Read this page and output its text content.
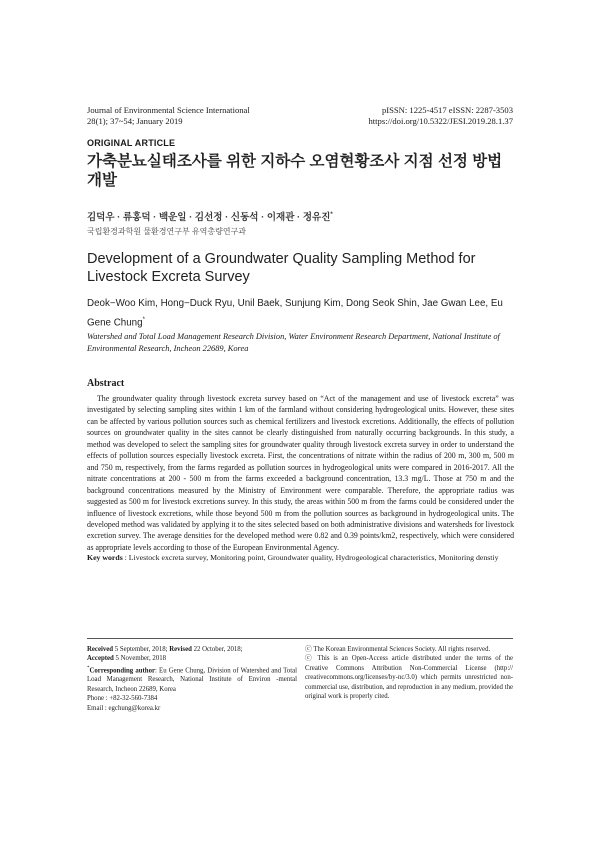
Journal of Environmental Science International
28(1); 37~54; January 2019
pISSN: 1225-4517 eISSN: 2287-3503
https://doi.org/10.5322/JESI.2019.28.1.37
ORIGINAL ARTICLE
가축분뇨실태조사를 위한 지하수 오염현황조사 지점 선정 방법 개발
김덕우 · 류홍덕 · 백운일 · 김선정 · 신동석 · 이재관 · 정유진*
국립환경과학원 물환경연구부 유역총량연구과
Development of a Groundwater Quality Sampling Method for Livestock Excreta Survey
Deok−Woo Kim, Hong−Duck Ryu, Unil Baek, Sunjung Kim, Dong Seok Shin, Jae Gwan Lee, Eu Gene Chung*
Watershed and Total Load Management Research Division, Water Environment Research Department, National Institute of Environmental Research, Incheon 22689, Korea
Abstract
The groundwater quality through livestock excreta survey based on “Act of the management and use of livestock excreta” was investigated by selecting sampling sites within 1 km of the farmland without considering hydrogeological units. However, these sites can be affected by various pollution sources such as chemical fertilizers and livestock excretions. Additionally, the effects of pollution sources on groundwater quality in the sites cannot be clearly distinguished from naturally occurring backgrounds. In this study, a method was developed to select the sampling sites for groundwater quality through livestock excreta survey in order to understand the effects of pollution sources especially livestock excreta. First, the concentrations of nitrate within the radius of 200 m, 300 m, 500 m and 750 m, respectively, from the farms regarded as pollution sources in hydrogeological units were compared in 2016-2017. All the nitrate concentrations at 200 - 500 m from the farms exceeded a background concentration, 13.3 mg/L. Those at 750 m and the background concentrations measured by the Ministry of Environment were comparable. Therefore, the appropriate radius was suggested as 500 m for livestock excretions survey. In this study, the areas within 500 m from the farms could be considered under the influence of livestock excretions, while those beyond 500 m from the pollution sources as background in hydrogeological units. The developed method was validated by applying it to the sites selected based on both administrative divisions and watersheds for livestock excretion survey. The average densities for the developed method were 0.82 and 0.39 points/km2, respectively, which were considered as appropriate levels according to those of the European Environmental Agency.
Key words : Livestock excreta survey, Monitoring point, Groundwater quality, Hydrogeological characteristics, Monitoring denstiy
Received 5 September, 2018; Revised 22 October, 2018;
Accepted 5 November, 2018
*Corresponding author: Eu Gene Chung, Division of Watershed and Total Load Management Research, National Institute of Environ -mental Research, Incheon 22689, Korea
Phone : +82-32-560-7384
Email : egchung@korea.kr
ⓒ The Korean Environmental Sciences Society. All rights reserved.
ⓒ This is an Open-Access article distributed under the terms of the Creative Commons Attribution Non-Commercial License (http:// creativecommons.org/licenses/by-nc/3.0) which permits unrestricted non-commercial use, distribution, and reproduction in any medium, provided the original work is properly cited.
